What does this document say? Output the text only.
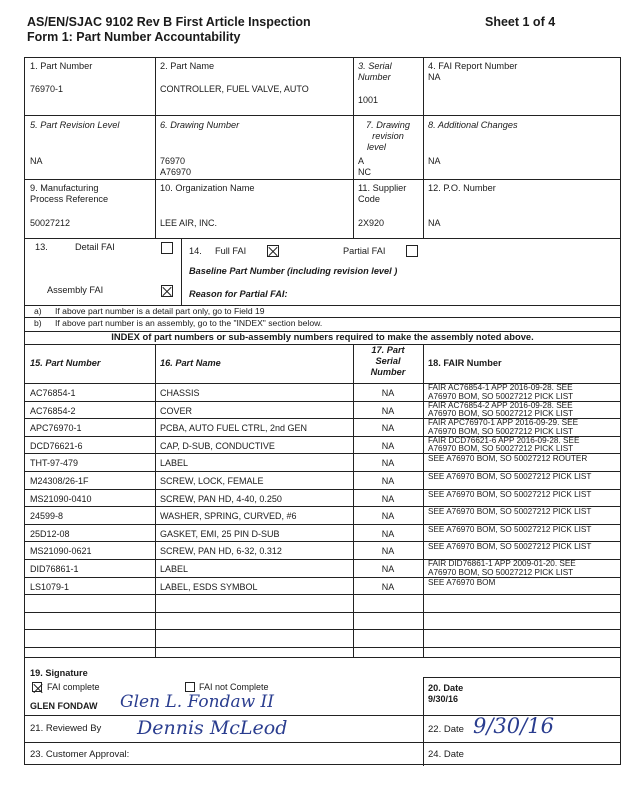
AS/EN/SJAC 9102 Rev B First Article Inspection
Form 1: Part Number Accountability
Sheet 1 of 4
1. Part Number
76970-1
2. Part Name
CONTROLLER, FUEL VALVE, AUTO
3. Serial
Number
1001
4. FAI Report Number
NA
5. Part Revision Level
NA
6. Drawing Number
76970
A76970
7. Drawing
revision
level
A
NC
8. Additional Changes
NA
9. Manufacturing
Process Reference
50027212
10. Organization Name
LEE AIR, INC.
11. Supplier
Code
2X920
12. P.O. Number
NA
13.	Detail FAI
Assembly FAI
14. Full FAI	Partial FAI
Baseline Part Number (including revision level )
Reason for Partial FAI:
a) If above part number is a detail part only, go to Field 19
b) If above part number is an assembly, go to the "INDEX" section below.
INDEX of part numbers or sub-assembly numbers required to make the assembly noted above.
15. Part Number	16. Part Name
17. Part
Serial
Number
18. FAIR Number
AC76854-1	CHASSIS	NA
FAIR AC76854-1 APP 2016-09-28. SEE
A76970 BOM, SO 50027212 PICK LIST
AC76854-2	COVER	NA
FAIR AC76854-2 APP 2016-09-28. SEE
A76970 BOM, SO 50027212 PICK LIST
APC76970-1	PCBA, AUTO FUEL CTRL, 2nd GEN	NA
FAIR APC76970-1 APP 2016-09-29. SEE
A76970 BOM, SO 50027212 PICK LIST
DCD76621-6	CAP, D-SUB, CONDUCTIVE	NA
FAIR DCD76621-6 APP 2016-09-28. SEE
A76970 BOM, SO 50027212 PICK LIST
THT-97-479	LABEL	NA	SEE A76970 BOM, SO 50027212 ROUTER
M24308/26-1F	SCREW, LOCK, FEMALE	NA	SEE A76970 BOM, SO 50027212 PICK LIST
MS21090-0410	SCREW, PAN HD, 4-40, 0.250	NA	SEE A76970 BOM, SO 50027212 PICK LIST
24599-8	WASHER, SPRING, CURVED, #6	NA	SEE A76970 BOM, SO 50027212 PICK LIST
25D12-08	GASKET, EMI, 25 PIN D-SUB	NA	SEE A76970 BOM, SO 50027212 PICK LIST
MS21090-0621	SCREW, PAN HD, 6-32, 0.312	NA	SEE A76970 BOM, SO 50027212 PICK LIST
DID76861-1	LABEL	NA
FAIR DID76861-1 APP 2009-01-20. SEE
A76970 BOM, SO 50027212 PICK LIST
LS1079-1	LABEL, ESDS SYMBOL	NA	SEE A76970 BOM
19. Signature
FAI complete	FAI not Complete
GLEN FONDAW Glen L. Fondaw II
20. Date
9/30/16
21. Reviewed By Dennis McLeod	22. Date 9/30/16
23. Customer Approval:	24. Date
